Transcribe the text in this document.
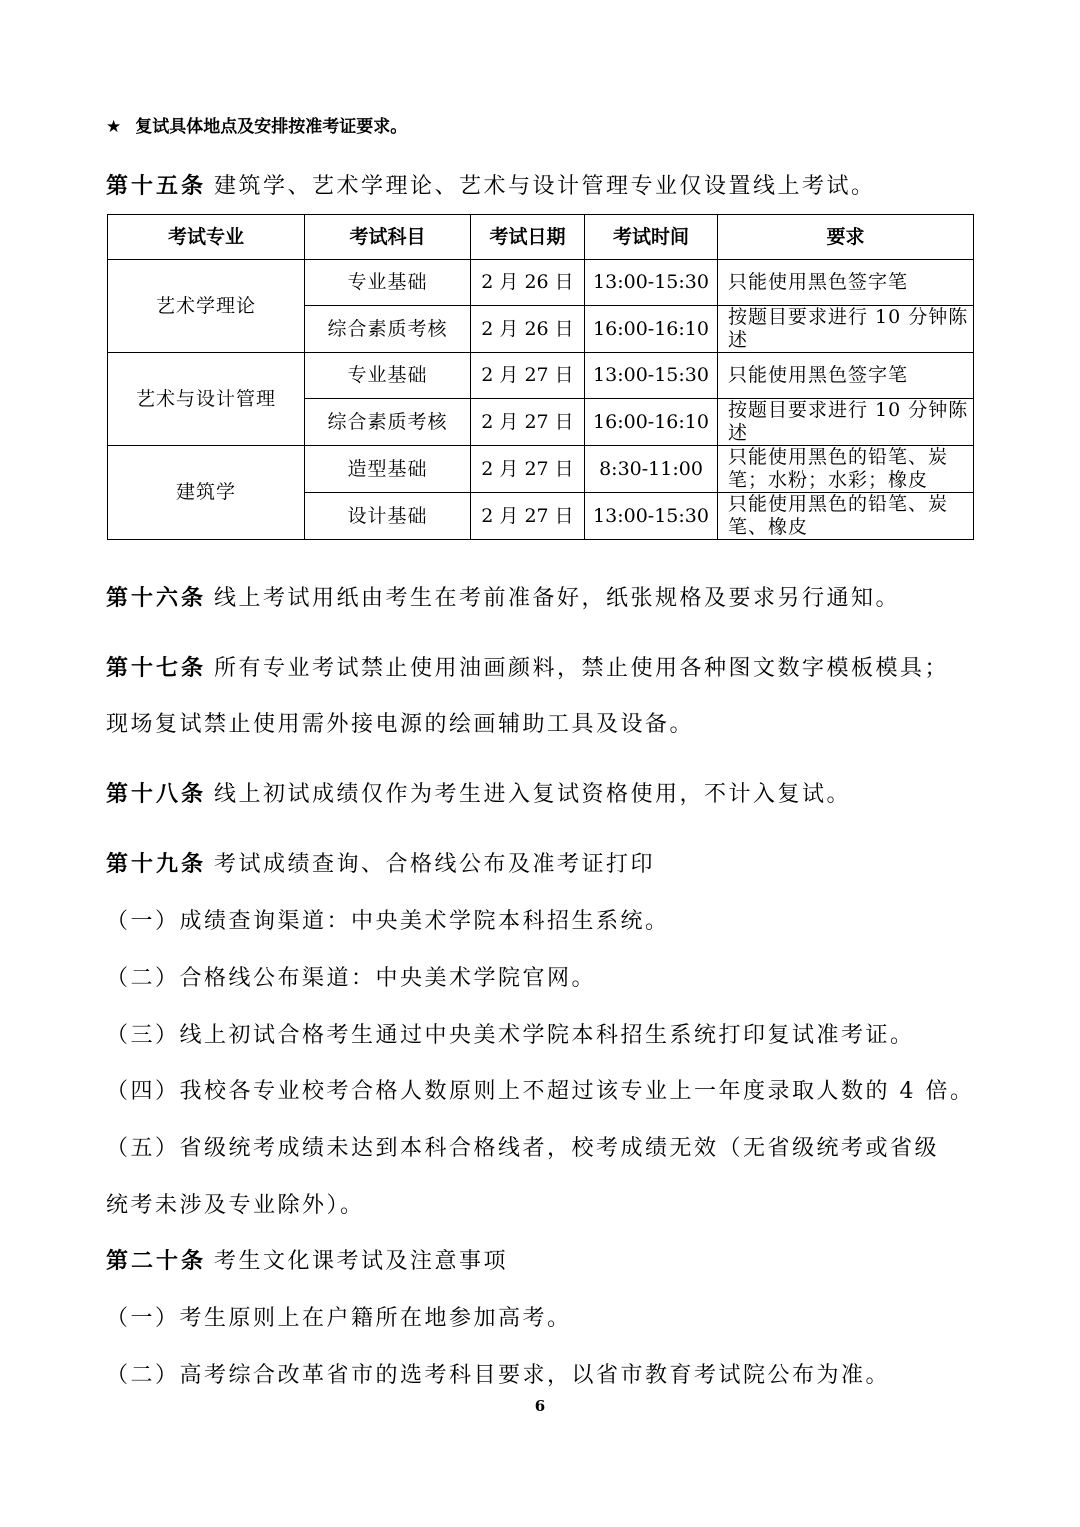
★ 复试具体地点及安排按准考证要求。
第十五条 建筑学、艺术学理论、艺术与设计管理专业仅设置线上考试。
考试专业	考试科目	考试日期	考试时间	要求
艺术学理论	专业基础	2 月 26 日	13:00-15:30	只能使用黑色签字笔
	综合素质考核	2 月 26 日	16:00-16:10	按题目要求进行 10 分钟陈述
艺术与设计管理	专业基础	2 月 27 日	13:00-15:30	只能使用黑色签字笔
	综合素质考核	2 月 27 日	16:00-16:10	按题目要求进行 10 分钟陈述
建筑学	造型基础	2 月 27 日	8:30-11:00	只能使用黑色的铅笔、炭笔；水粉；水彩；橡皮
	设计基础	2 月 27 日	13:00-15:30	只能使用黑色的铅笔、炭笔、橡皮
第十六条 线上考试用纸由考生在考前准备好，纸张规格及要求另行通知。
第十七条 所有专业考试禁止使用油画颜料，禁止使用各种图文数字模板模具；
现场复试禁止使用需外接电源的绘画辅助工具及设备。
第十八条 线上初试成绩仅作为考生进入复试资格使用，不计入复试。
第十九条 考试成绩查询、合格线公布及准考证打印
（一）成绩查询渠道：中央美术学院本科招生系统。
（二）合格线公布渠道：中央美术学院官网。
（三）线上初试合格考生通过中央美术学院本科招生系统打印复试准考证。
（四）我校各专业校考合格人数原则上不超过该专业上一年度录取人数的 4 倍。
（五）省级统考成绩未达到本科合格线者，校考成绩无效（无省级统考或省级
统考未涉及专业除外）。
第二十条 考生文化课考试及注意事项
（一）考生原则上在户籍所在地参加高考。
（二）高考综合改革省市的选考科目要求，以省市教育考试院公布为准。
6
